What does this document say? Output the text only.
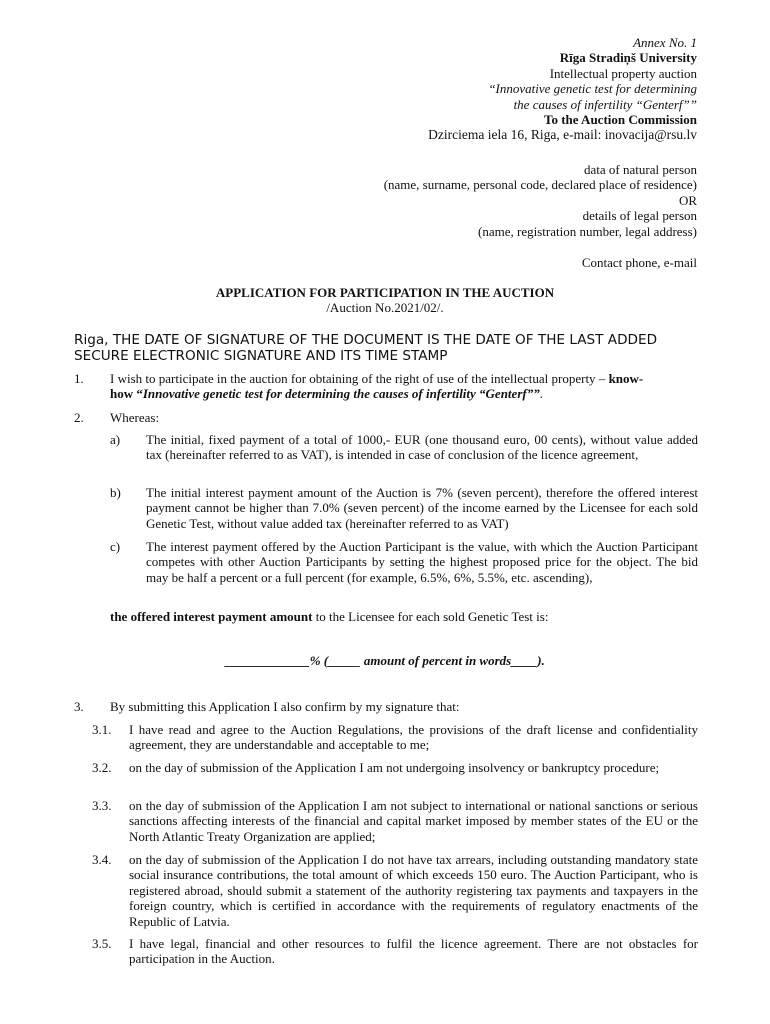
Annex No. 1
Rīga Stradiņš University
Intellectual property auction
“Innovative genetic test for determining
the causes of infertility “Genterf””
To the Auction Commission
Dzirciema iela 16, Riga, e-mail: inovacija@rsu.lv
data of natural person
(name, surname, personal code, declared place of residence)
OR
details of legal person
(name, registration number, legal address)
Contact phone, e-mail
APPLICATION FOR PARTICIPATION IN THE AUCTION
/Auction No.2021/02/.
Riga, THE DATE OF SIGNATURE OF THE DOCUMENT IS THE DATE OF THE LAST ADDED
SECURE ELECTRONIC SIGNATURE AND ITS TIME STAMP
1. I wish to participate in the auction for obtaining of the right of use of the intellectual property – know-
how “Innovative genetic test for determining the causes of infertility “Genterf””.
2. Whereas:
a) The initial, fixed payment of a total of 1000,- EUR (one thousand euro, 00 cents), without value added tax (hereinafter referred to as VAT), is intended in case of conclusion of the licence agreement,
b) The initial interest payment amount of the Auction is 7% (seven percent), therefore the offered interest payment cannot be higher than 7.0% (seven percent) of the income earned by the Licensee for each sold Genetic Test, without value added tax (hereinafter referred to as VAT)
c) The interest payment offered by the Auction Participant is the value, with which the Auction Participant competes with other Auction Participants by setting the highest proposed price for the object. The bid may be half a percent or a full percent (for example, 6.5%, 6%, 5.5%, etc. ascending),
the offered interest payment amount to the Licensee for each sold Genetic Test is:
_____________% (_____ amount of percent in words____).
3. By submitting this Application I also confirm by my signature that:
3.1. I have read and agree to the Auction Regulations, the provisions of the draft license and confidentiality agreement, they are understandable and acceptable to me;
3.2. on the day of submission of the Application I am not undergoing insolvency or bankruptcy procedure;
3.3. on the day of submission of the Application I am not subject to international or national sanctions or serious sanctions affecting interests of the financial and capital market imposed by member states of the EU or the North Atlantic Treaty Organization are applied;
3.4. on the day of submission of the Application I do not have tax arrears, including outstanding mandatory state social insurance contributions, the total amount of which exceeds 150 euro. The Auction Participant, who is registered abroad, should submit a statement of the authority registering tax payments and taxpayers in the foreign country, which is certified in accordance with the requirements of regulatory enactments of the Republic of Latvia.
3.5. I have legal, financial and other resources to fulfil the licence agreement. There are not obstacles for participation in the Auction.
